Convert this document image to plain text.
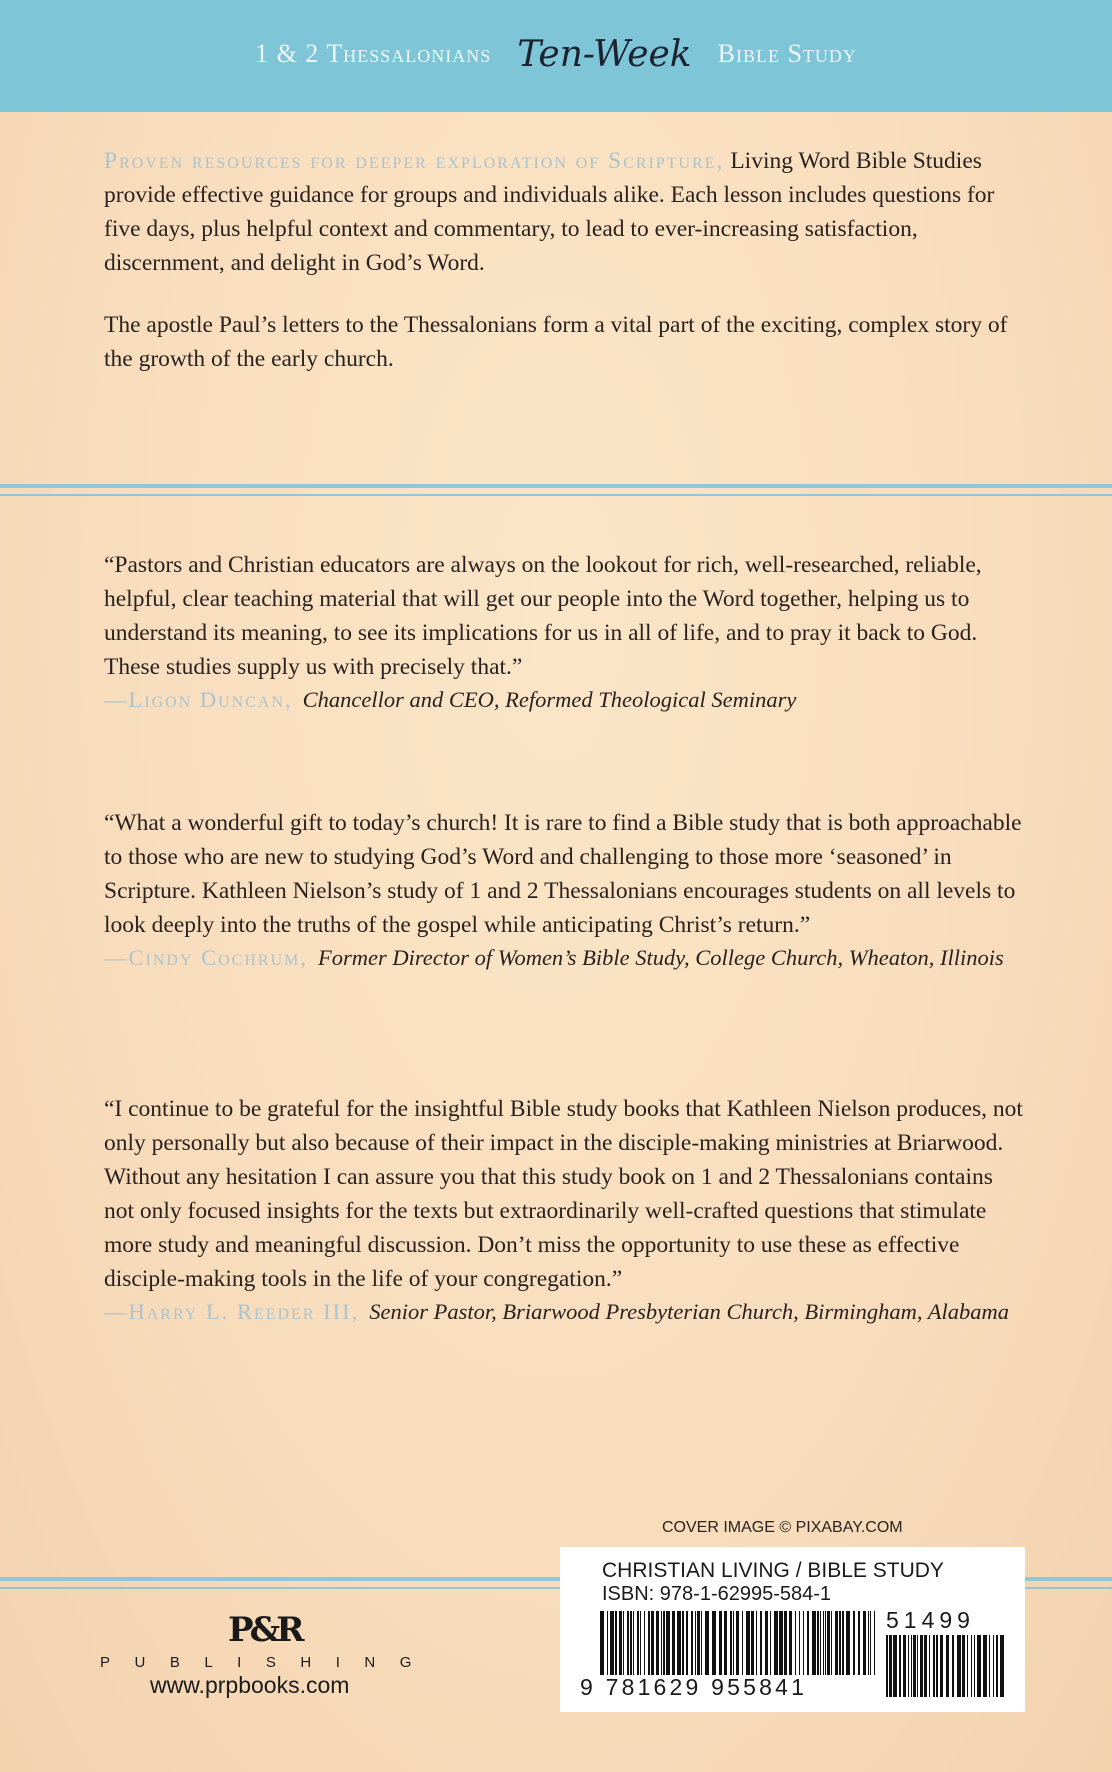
1 & 2 Thessalonians Ten-Week Bible Study

Proven resources for deeper exploration of Scripture, Living Word Bible Studies provide effective guidance for groups and individuals alike. Each lesson includes questions for five days, plus helpful context and commentary, to lead to ever-increasing satisfaction, discernment, and delight in God’s Word.

The apostle Paul’s letters to the Thessalonians form a vital part of the exciting, complex story of the growth of the early church.

“Pastors and Christian educators are always on the lookout for rich, well-researched, reliable, helpful, clear teaching material that will get our people into the Word together, helping us to understand its meaning, to see its implications for us in all of life, and to pray it back to God. These studies supply us with precisely that.”

—Ligon Duncan, Chancellor and CEO, Reformed Theological Seminary

“What a wonderful gift to today’s church! It is rare to find a Bible study that is both approachable to those who are new to studying God’s Word and challenging to those more ‘seasoned’ in Scripture. Kathleen Nielson’s study of 1 and 2 Thessalonians encourages students on all levels to look deeply into the truths of the gospel while anticipating Christ’s return.”

—Cindy Cochrum, Former Director of Women’s Bible Study, College Church, Wheaton, Illinois

“I continue to be grateful for the insightful Bible study books that Kathleen Nielson produces, not only personally but also because of their impact in the disciple-making ministries at Briarwood. Without any hesitation I can assure you that this study book on 1 and 2 Thessalonians contains not only focused insights for the texts but extraordinarily well-crafted questions that stimulate more study and meaningful discussion. Don’t miss the opportunity to use these as effective disciple-making tools in the life of your congregation.”

—Harry L. Reeder III, Senior Pastor, Briarwood Presbyterian Church, Birmingham, Alabama
COVER IMAGE © PIXABAY.COM
P&R
PUBLISHING
www.prpbooks.com
CHRISTIAN LIVING / BIBLE STUDY
ISBN: 978-1-62995-584-1
51499
9 781629 955841
